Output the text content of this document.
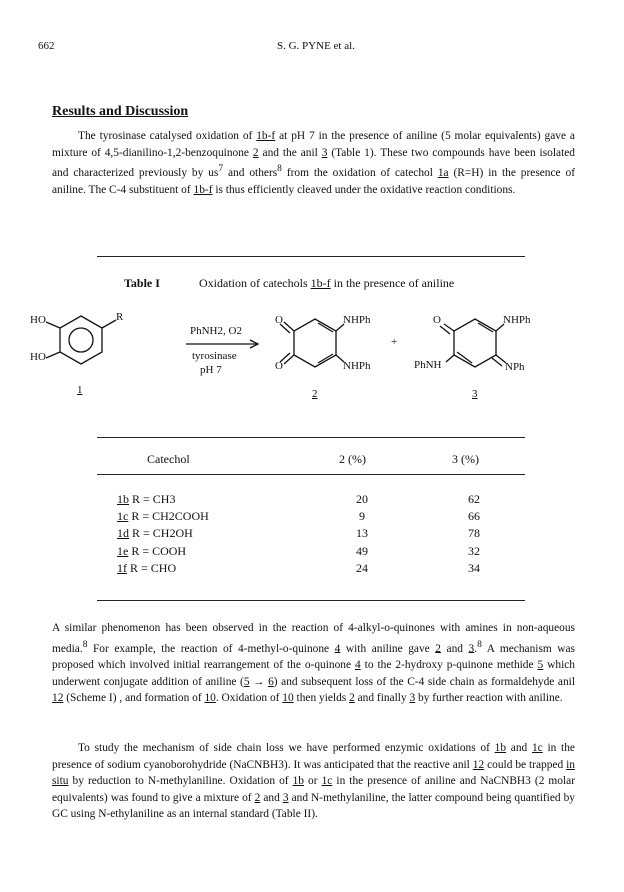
662	S. G. PYNE et al.
Results and Discussion
The tyrosinase catalysed oxidation of 1b-f at pH 7 in the presence of aniline (5 molar equivalents) gave a mixture of 4,5-dianilino-1,2-benzoquinone 2 and the anil 3 (Table 1). These two compounds have been isolated and characterized previously by $us^7$ and others$^8$ from the oxidation of catechol 1a (R=H) in the presence of aniline. The C-4 substituent of 1b-f is thus efficiently cleaved under the oxidative reaction conditions.
Table I	Oxidation of catechols 1b-f in the presence of aniline
HO
HO
R
1
PhNH2, O2
tyrosinase
pH 7
O
O
NHPh
NHPh
2
+
O	NHPh
PhNH	NPh
3
Catechol	2 (%)	3 (%)
1b R = CH3	20	62
1c R = CH2COOH	9	66
1d R = CH2OH	13	78
1e R = COOH	49	32
1f R = CHO	24	34
A similar phenomenon has been observed in the reaction of 4-alkyl-o-quinones with amines in non-aqueous media.$^8$ For example, the reaction of 4-methyl-o-quinone 4 with aniline gave 2 and 3.$^8$ A mechanism was proposed which involved initial rearrangement of the o-quinone 4 to the 2-hydroxy p-quinone methide 5 which underwent conjugate addition of aniline (5 → 6) and subsequent loss of the C-4 side chain as formaldehyde anil 12 (Scheme I) , and formation of 10. Oxidation of 10 then yields 2 and finally 3 by further reaction with aniline.
To study the mechanism of side chain loss we have performed enzymic oxidations of 1b and 1c in the presence of sodium cyanoborohydride (NaCNBH3). It was anticipated that the reactive anil 12 could be trapped in situ by reduction to N-methylaniline. Oxidation of 1b or 1c in the presence of aniline and NaCNBH3 (2 molar equivalents) was found to give a mixture of 2 and 3 and N-methylaniline, the latter compound being quantified by GC using N-ethylaniline as an internal standard (Table II).
